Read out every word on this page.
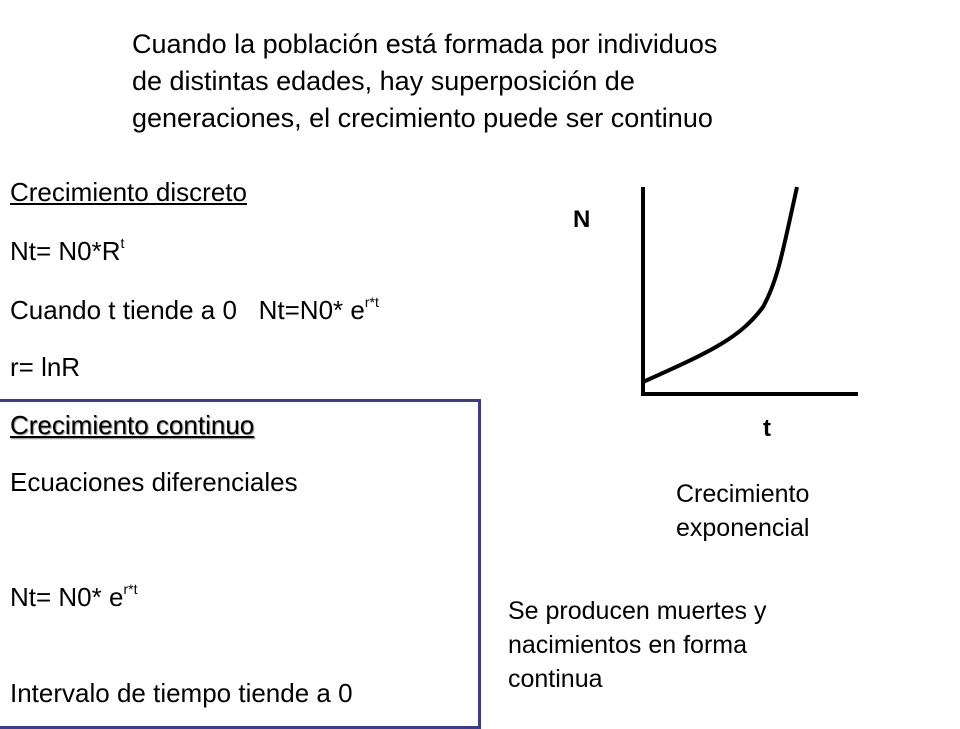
Cuando la población está formada por individuos
de distintas edades, hay superposición de
generaciones, el crecimiento puede ser continuo
Crecimiento discreto
$Nt= N0*R^t$
Cuando t tiende a 0   Nt=N0* $e^{r*t}$
r= lnR
Crecimiento continuo
Ecuaciones diferenciales
Nt= N0* $e^{r*t}$
Intervalo de tiempo tiende a 0
N
t
Crecimiento
exponencial
Se producen muertes y
nacimientos en forma
continua
